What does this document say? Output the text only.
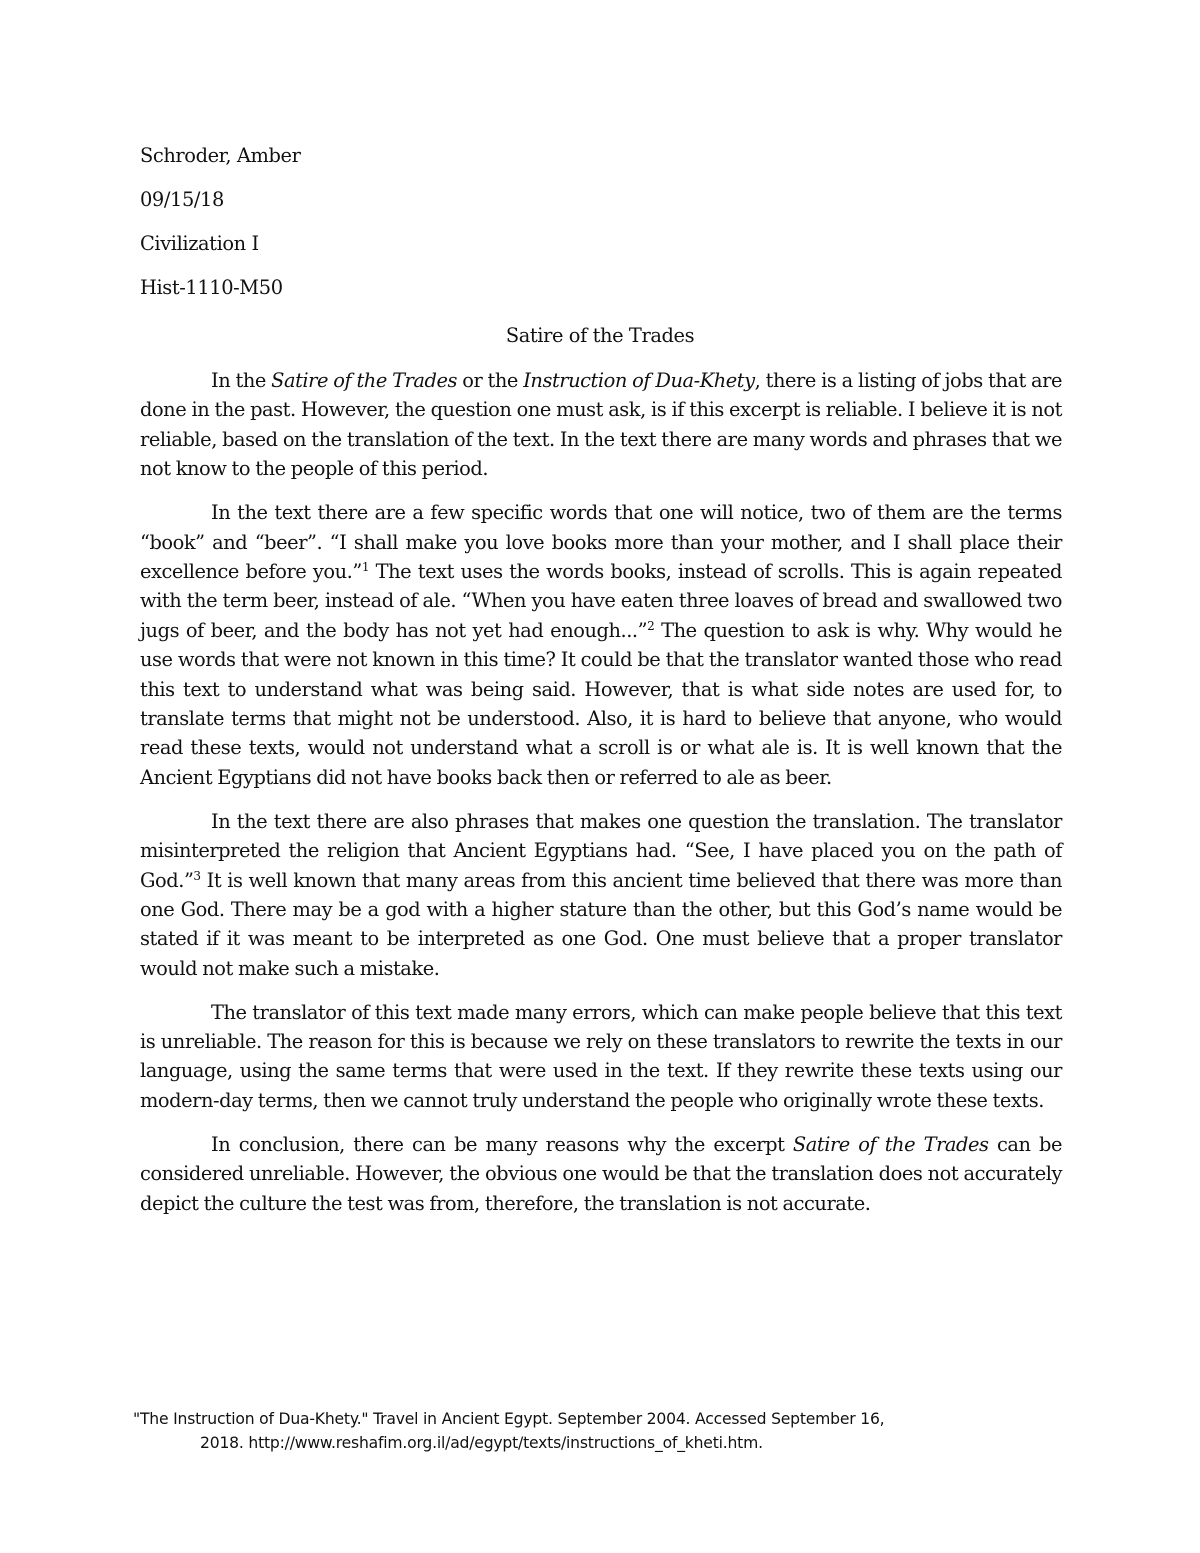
Schroder, Amber

09/15/18

Civilization I

Hist-1110-M50

Satire of the Trades

In the Satire of the Trades or the Instruction of Dua-Khety, there is a listing of jobs that are done in the past. However, the question one must ask, is if this excerpt is reliable. I believe it is not reliable, based on the translation of the text. In the text there are many words and phrases that we not know to the people of this period.

In the text there are a few specific words that one will notice, two of them are the terms “book” and “beer”. “I shall make you love books more than your mother, and I shall place their excellence before you.”$^1$ The text uses the words books, instead of scrolls. This is again repeated with the term beer, instead of ale. “When you have eaten three loaves of bread and swallowed two jugs of beer, and the body has not yet had enough...”$^2$ The question to ask is why. Why would he use words that were not known in this time? It could be that the translator wanted those who read this text to understand what was being said. However, that is what side notes are used for, to translate terms that might not be understood. Also, it is hard to believe that anyone, who would read these texts, would not understand what a scroll is or what ale is. It is well known that the Ancient Egyptians did not have books back then or referred to ale as beer.

In the text there are also phrases that makes one question the translation. The translator misinterpreted the religion that Ancient Egyptians had. “See, I have placed you on the path of God.”$^3$ It is well known that many areas from this ancient time believed that there was more than one God. There may be a god with a higher stature than the other, but this God’s name would be stated if it was meant to be interpreted as one God. One must believe that a proper translator would not make such a mistake.

The translator of this text made many errors, which can make people believe that this text is unreliable. The reason for this is because we rely on these translators to rewrite the texts in our language, using the same terms that were used in the text. If they rewrite these texts using our modern-day terms, then we cannot truly understand the people who originally wrote these texts.

In conclusion, there can be many reasons why the excerpt Satire of the Trades can be considered unreliable. However, the obvious one would be that the translation does not accurately depict the culture the test was from, therefore, the translation is not accurate.

"The Instruction of Dua-Khety." Travel in Ancient Egypt. September 2004. Accessed September 16,
2018. http://www.reshafim.org.il/ad/egypt/texts/instructions_of_kheti.htm.
